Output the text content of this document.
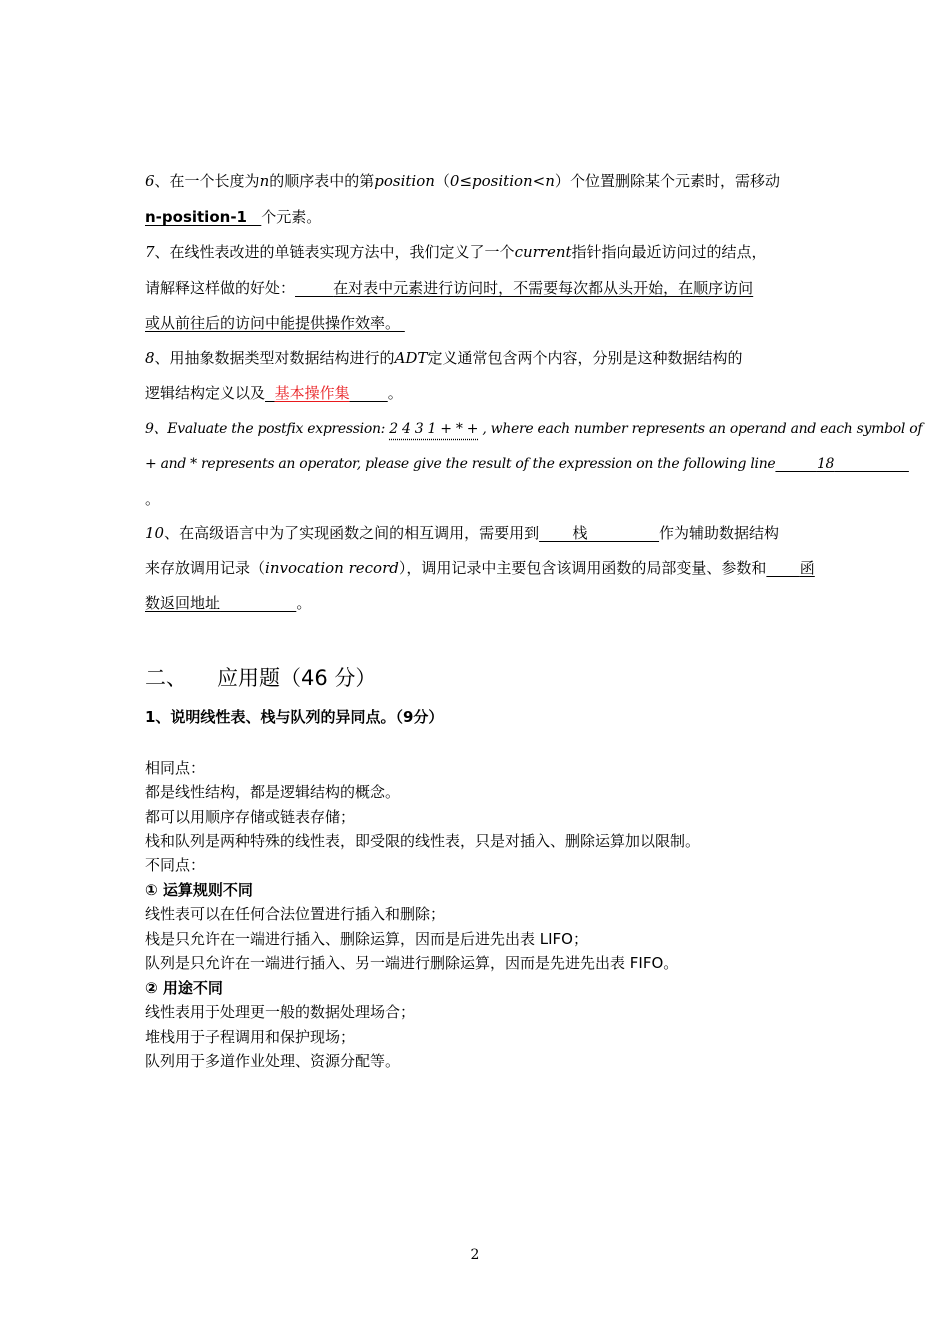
6、在一个长度为n的顺序表中的第position（0≤position<n）个位置删除某个元素时，需移动
n-position-1 个元素。
7、在线性表改进的单链表实现方法中，我们定义了一个current指针指向最近访问过的结点，
请解释这样做的好处：	在对表中元素进行访问时，不需要每次都从头开始，在顺序访问
或从前往后的访问中能提供操作效率。
8、用抽象数据类型对数据结构进行的ADT定义通常包含两个内容，分别是这种数据结构的
逻辑结构定义以及 基本操作集	。
9、Evaluate the postfix expression: 2 4 3 1 + * + , where each number represents an operand and each symbol of
+ and * represents an operator, please give the result of the expression on the following line	18
。
10、在高级语言中为了实现函数之间的相互调用，需要用到 栈	作为辅助数据结构
来存放调用记录（invocation record），调用记录中主要包含该调用函数的局部变量、参数和 函
数返回地址	。
二、 应用题（46 分）
1、说明线性表、栈与队列的异同点。（9分）
相同点：
都是线性结构，都是逻辑结构的概念。
都可以用顺序存储或链表存储；
栈和队列是两种特殊的线性表，即受限的线性表，只是对插入、删除运算加以限制。
不同点：
① 运算规则不同
线性表可以在任何合法位置进行插入和删除；
栈是只允许在一端进行插入、删除运算，因而是后进先出表 LIFO；
队列是只允许在一端进行插入、另一端进行删除运算，因而是先进先出表 FIFO。
② 用途不同
线性表用于处理更一般的数据处理场合；
堆栈用于子程调用和保护现场；
队列用于多道作业处理、资源分配等。
2
